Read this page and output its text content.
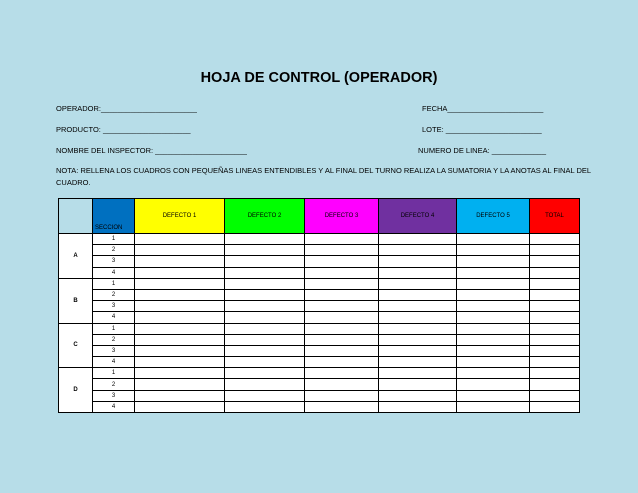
HOJA DE CONTROL (OPERADOR)
OPERADOR:_______________________	FECHA_______________________
PRODUCTO: _____________________	LOTE: _______________________
NOMBRE DEL INSPECTOR: ______________________	NUMERO DE LINEA: _____________
NOTA: RELLENA LOS CUADROS CON PEQUEÑAS LINEAS ENTENDIBLES Y AL FINAL DEL TURNO REALIZA LA SUMATORIA Y LA ANOTAS AL FINAL DEL CUADRO.

	SECCION	DEFECTO 1	DEFECTO 2	DEFECTO 3	DEFECTO 4	DEFECTO 5	TOTAL
A	1						
	2						
	3						
	4						
B	1						
	2						
	3						
	4						
C	1						
	2						
	3						
	4						
D	1						
	2						
	3						
	4						
